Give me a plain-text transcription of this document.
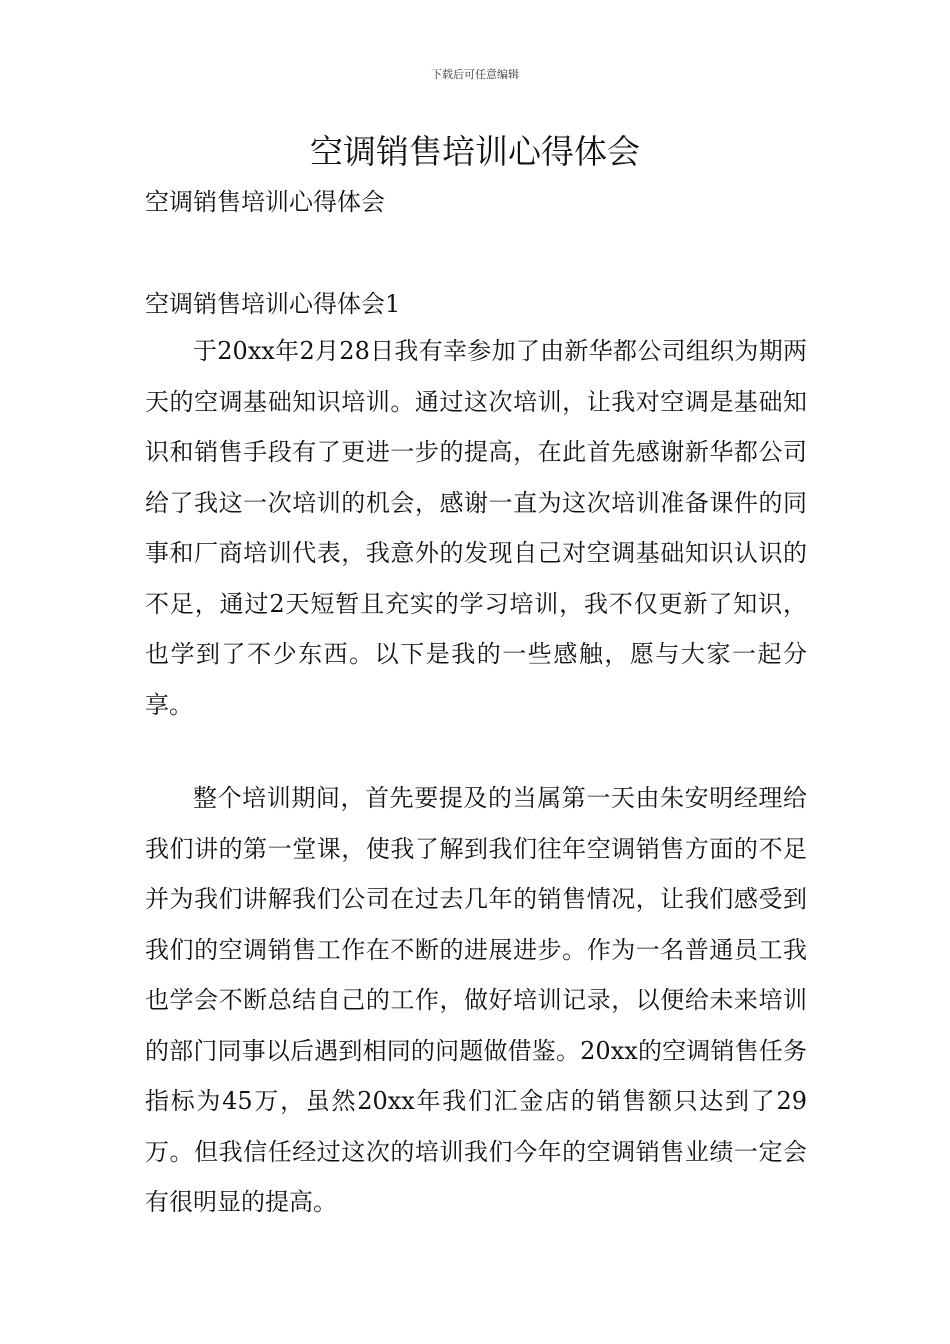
下载后可任意编辑
空调销售培训心得体会
空调销售培训心得体会
空调销售培训心得体会1

于20xx年2月28日我有幸参加了由新华都公司组织为期两天的空调基础知识培训。通过这次培训，让我对空调是基础知识和销售手段有了更进一步的提高，在此首先感谢新华都公司给了我这一次培训的机会，感谢一直为这次培训准备课件的同事和厂商培训代表，我意外的发现自己对空调基础知识认识的不足，通过2天短暂且充实的学习培训，我不仅更新了知识，也学到了不少东西。以下是我的一些感触，愿与大家一起分享。

整个培训期间，首先要提及的当属第一天由朱安明经理给我们讲的第一堂课，使我了解到我们往年空调销售方面的不足并为我们讲解我们公司在过去几年的销售情况，让我们感受到我们的空调销售工作在不断的进展进步。作为一名普通员工我也学会不断总结自己的工作，做好培训记录，以便给未来培训的部门同事以后遇到相同的问题做借鉴。20xx的空调销售任务指标为45万，虽然20xx年我们汇金店的销售额只达到了29万。但我信任经过这次的培训我们今年的空调销售业绩一定会有很明显的提高。
